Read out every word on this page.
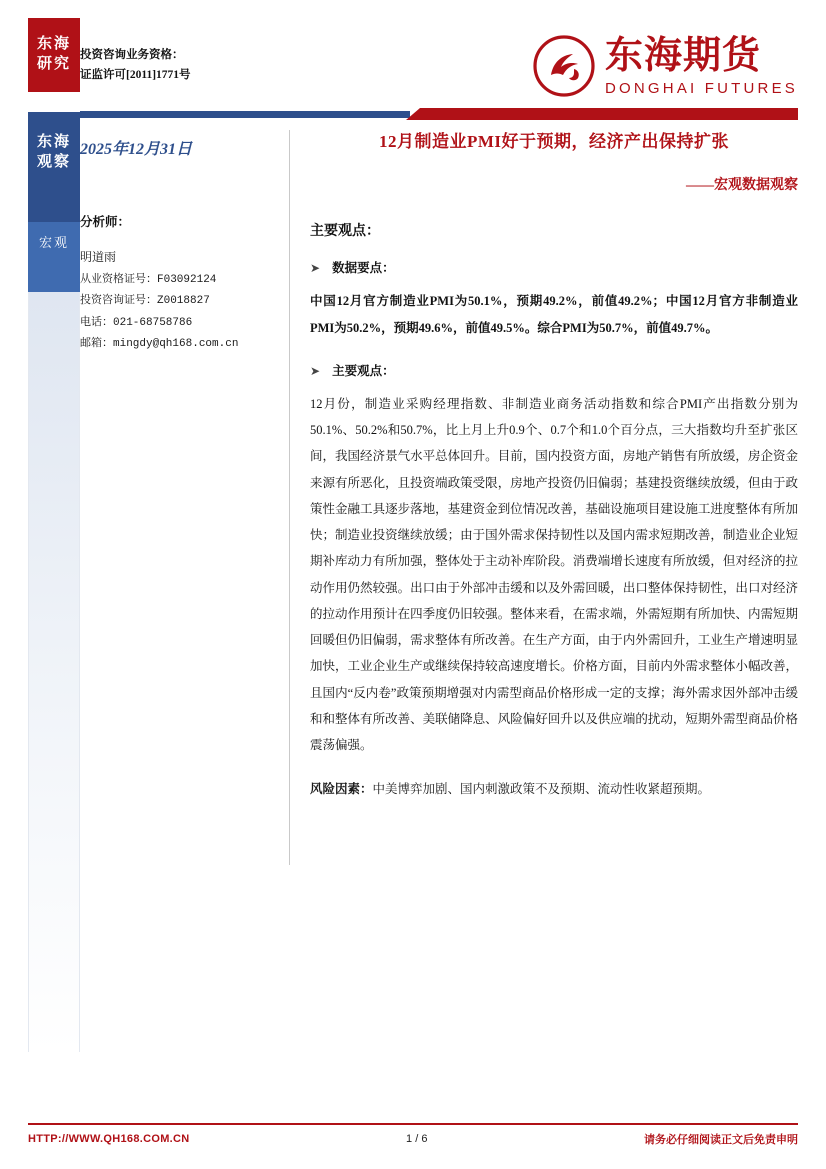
东海研究
东海观察
宏观
投资咨询业务资格：
证监许可[2011]1771号	东海期货
DONGHAI FUTURES
2025年12月31日
分析师：
明道雨
从业资格证号：F03092124
投资咨询证号：Z0018827
电话：021-68758786
邮箱：mingdy@qh168.com.cn
12月制造业PMI好于预期，经济产出保持扩张
——宏观数据观察
主要观点：
➤ 数据要点：

中国12月官方制造业PMI为50.1%，预期49.2%，前值49.2%；中国12月官方非制造业PMI为50.2%，预期49.6%，前值49.5%。综合PMI为50.7%，前值49.7%。

➤ 主要观点：

12月份，制造业采购经理指数、非制造业商务活动指数和综合PMI产出指数分别为50.1%、50.2%和50.7%，比上月上升0.9个、0.7个和1.0个百分点，三大指数均升至扩张区间，我国经济景气水平总体回升。目前，国内投资方面，房地产销售有所放缓，房企资金来源有所恶化，且投资端政策受限，房地产投资仍旧偏弱；基建投资继续放缓，但由于政策性金融工具逐步落地，基建资金到位情况改善，基础设施项目建设施工进度整体有所加快；制造业投资继续放缓；由于国外需求保持韧性以及国内需求短期改善，制造业企业短期补库动力有所加强，整体处于主动补库阶段。消费端增长速度有所放缓，但对经济的拉动作用仍然较强。出口由于外部冲击缓和以及外需回暖，出口整体保持韧性，出口对经济的拉动作用预计在四季度仍旧较强。整体来看，在需求端，外需短期有所加快、内需短期回暖但仍旧偏弱，需求整体有所改善。在生产方面，由于内外需回升，工业生产增速明显加快，工业企业生产或继续保持较高速度增长。价格方面，目前内外需求整体小幅改善，且国内“反内卷”政策预期增强对内需型商品价格形成一定的支撑；海外需求因外部冲击缓和和整体有所改善、美联储降息、风险偏好回升以及供应端的扰动，短期外需型商品价格震荡偏强。

风险因素：中美博弈加剧、国内刺激政策不及预期、流动性收紧超预期。
HTTP://WWW.QH168.COM.CN	1 / 6	请务必仔细阅读正文后免责申明
